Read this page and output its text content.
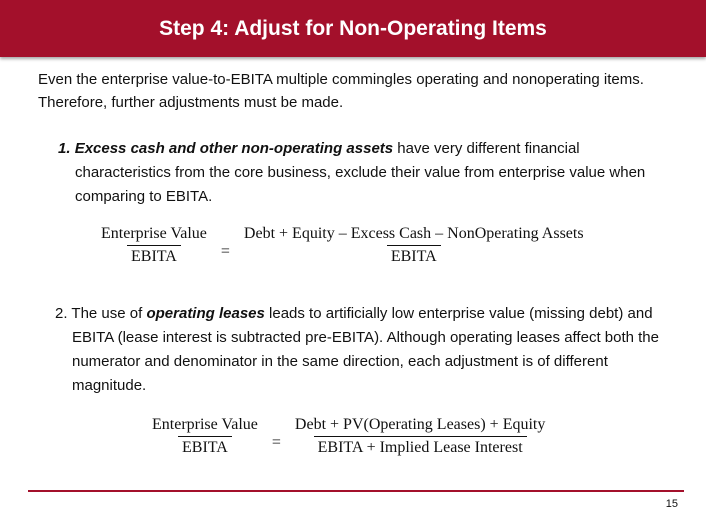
Step 4: Adjust for Non-Operating Items

Even the enterprise value-to-EBITA multiple commingles operating and nonoperating items. Therefore, further adjustments must be made.

1. Excess cash and other non-operating assets have very different financial characteristics from the core business, exclude their value from enterprise value when comparing to EBITA.

$\frac{\text{Enterprise Value}}{\text{EBITA}} = \frac{\text{Debt + Equity – Excess Cash – NonOperating Assets}}{\text{EBITA}}$

2. The use of operating leases leads to artificially low enterprise value (missing debt) and EBITA (lease interest is subtracted pre-EBITA). Although operating leases affect both the numerator and denominator in the same direction, each adjustment is of different magnitude.

$\frac{\text{Enterprise Value}}{\text{EBITA}} = \frac{\text{Debt + PV(Operating Leases) + Equity}}{\text{EBITA + Implied Lease Interest}}$
15
